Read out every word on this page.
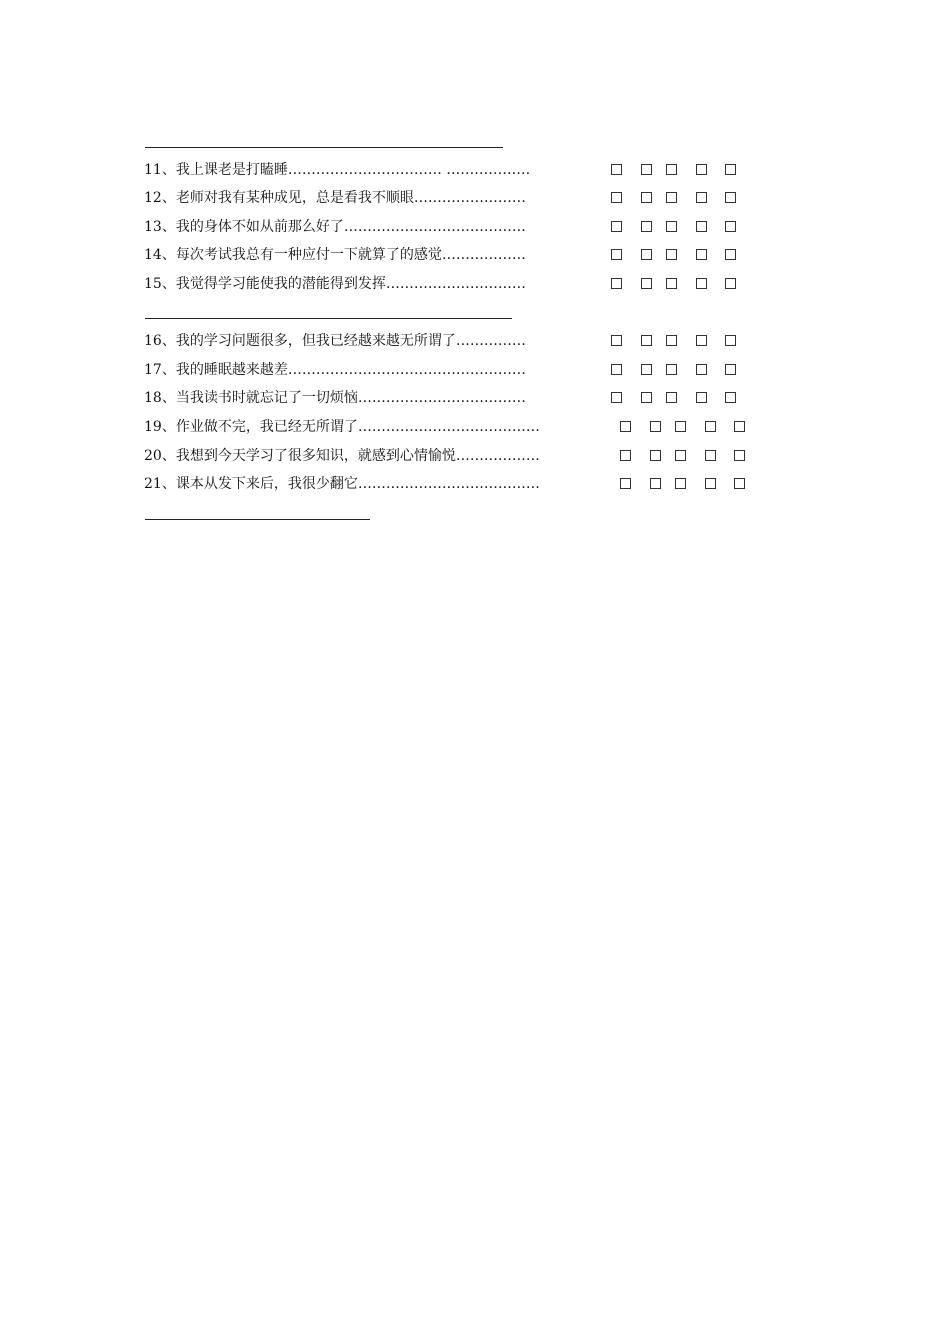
11、我上课老是打瞌睡…………………………… ………………
12、老师对我有某种成见，总是看我不顺眼……………………
13、我的身体不如从前那么好了…………………………………
14、每次考试我总有一种应付一下就算了的感觉………………
15、我觉得学习能使我的潜能得到发挥…………………………
16、我的学习问题很多，但我已经越来越无所谓了……………
17、我的睡眠越来越差……………………………………………
18、当我读书时就忘记了一切烦恼………………………………
19、作业做不完，我已经无所谓了…………………………………
20、我想到今天学习了很多知识，就感到心情愉悦………………
21、课本从发下来后，我很少翻它…………………………………
